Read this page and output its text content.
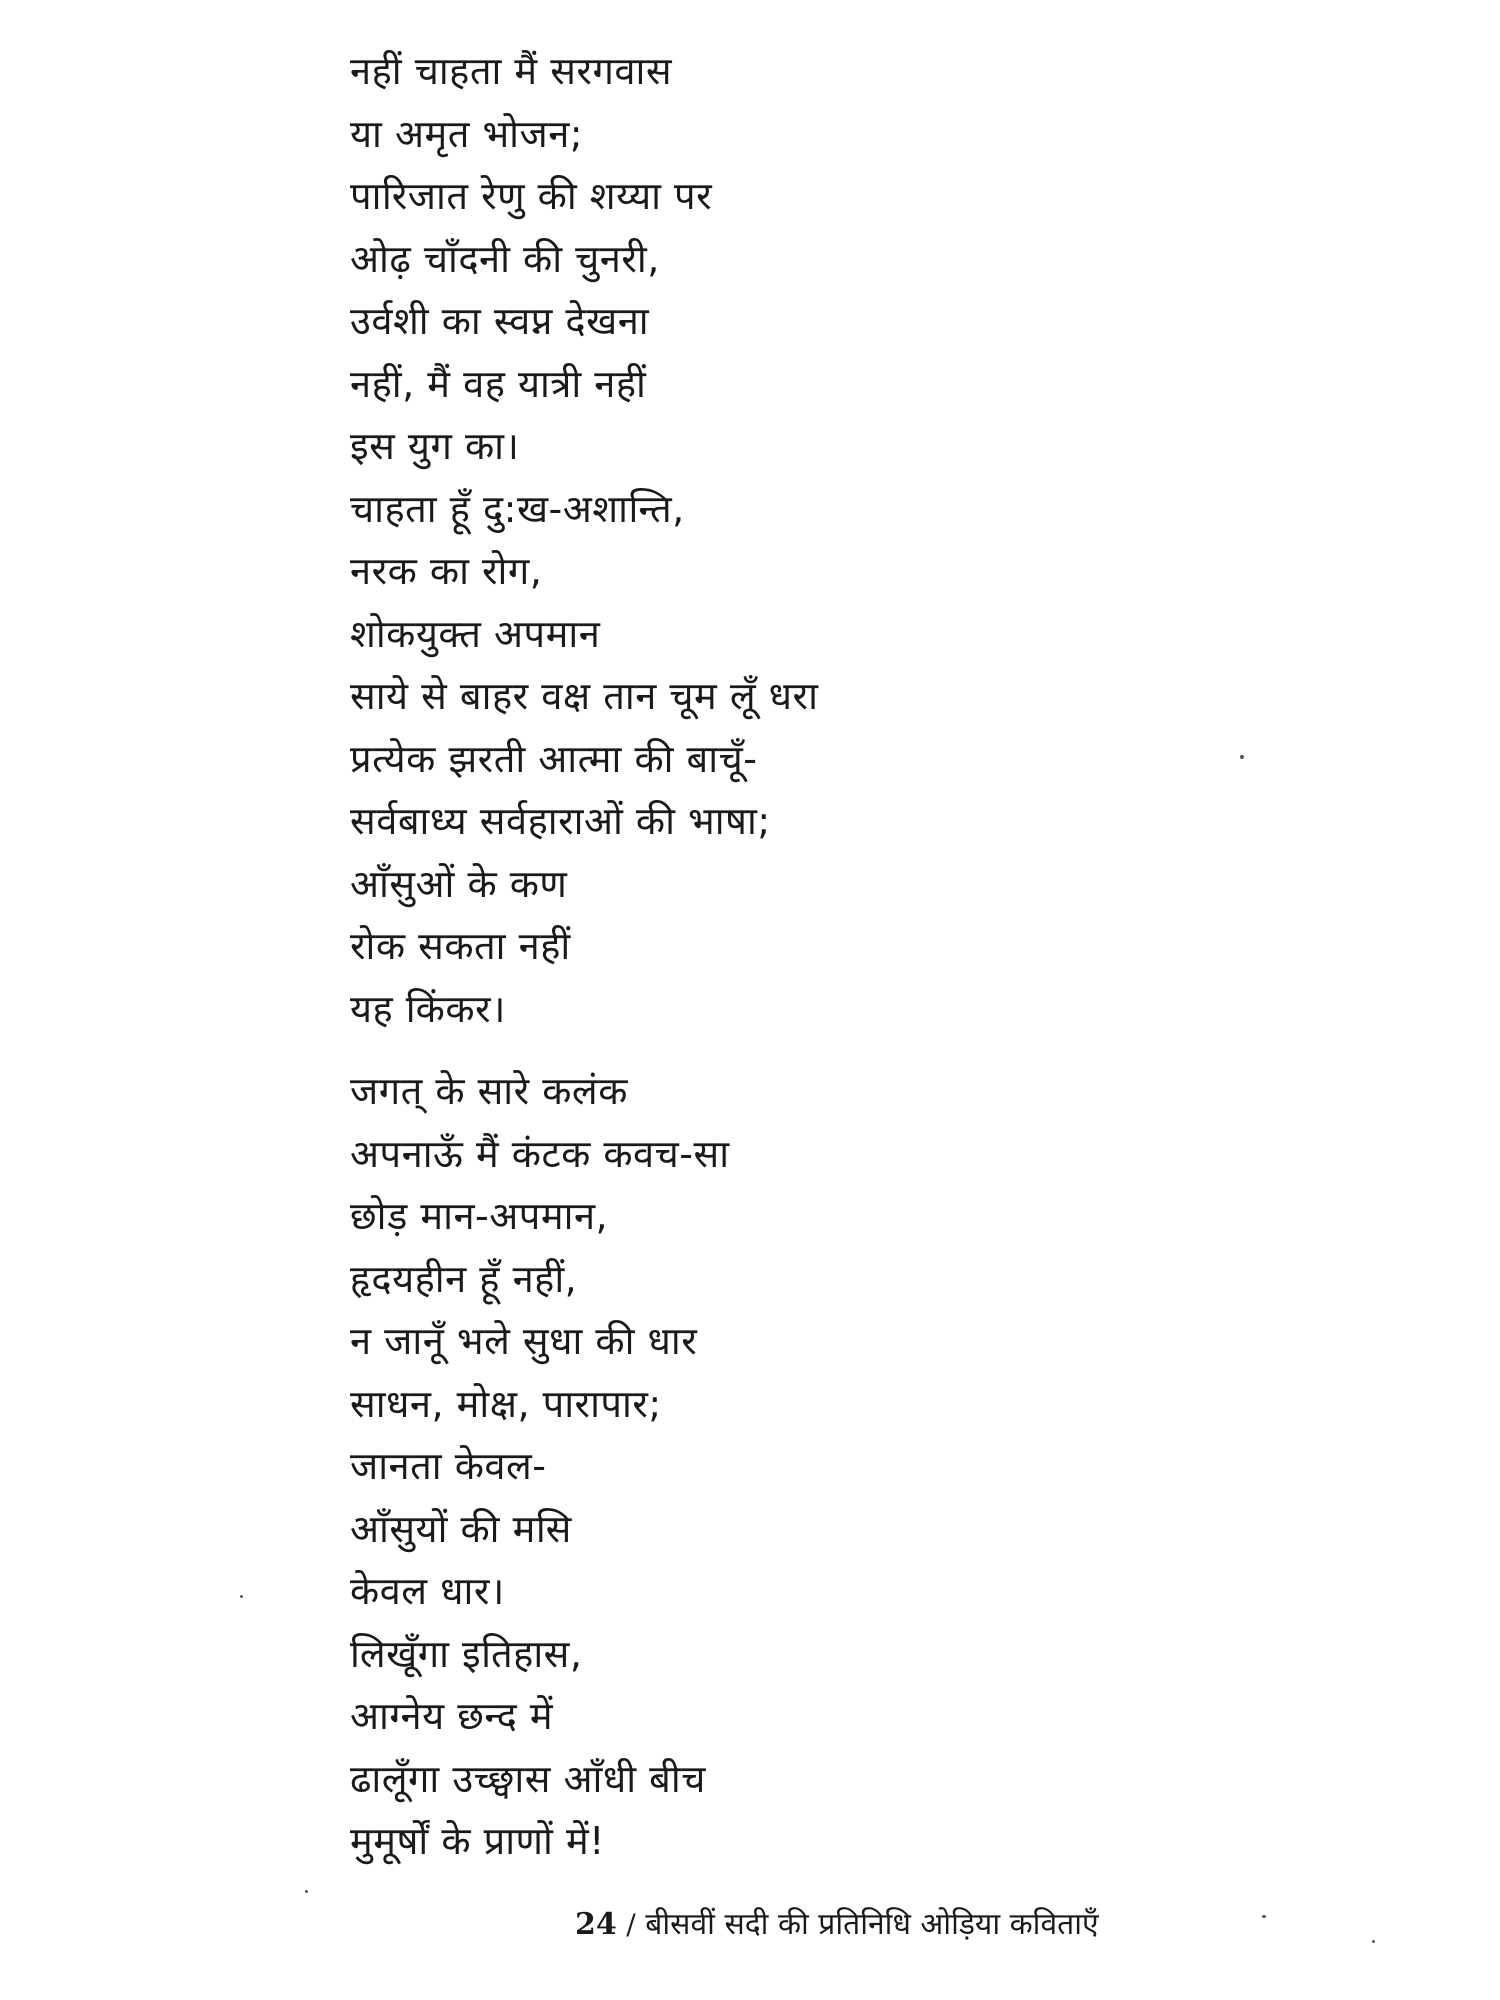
नहीं चाहता मैं सरगवास
या अमृत भोजन;
पारिजात रेणु की शय्या पर
ओढ़ चाँदनी की चुनरी,
उर्वशी का स्वप्न देखना
नहीं, मैं वह यात्री नहीं
इस युग का।
चाहता हूँ दु:ख-अशान्ति,
नरक का रोग,
शोकयुक्त अपमान
साये से बाहर वक्ष तान चूम लूँ धरा
प्रत्येक झरती आत्मा की बाचूँ-
सर्वबाध्य सर्वहाराओं की भाषा;
आँसुओं के कण
रोक सकता नहीं
यह किंकर।
जगत् के सारे कलंक
अपनाऊँ मैं कंटक कवच-सा
छोड़ मान-अपमान,
हृदयहीन हूँ नहीं,
न जानूँ भले सुधा की धार
साधन, मोक्ष, पारापार;
जानता केवल-
आँसुयों की मसि
केवल धार।
लिखूँगा इतिहास,
आग्नेय छन्द में
ढालूँगा उच्छ्वास आँधी बीच
मुमूर्षों के प्राणों में!
24 / बीसवीं सदी की प्रतिनिधि ओड़िया कविताएँ
